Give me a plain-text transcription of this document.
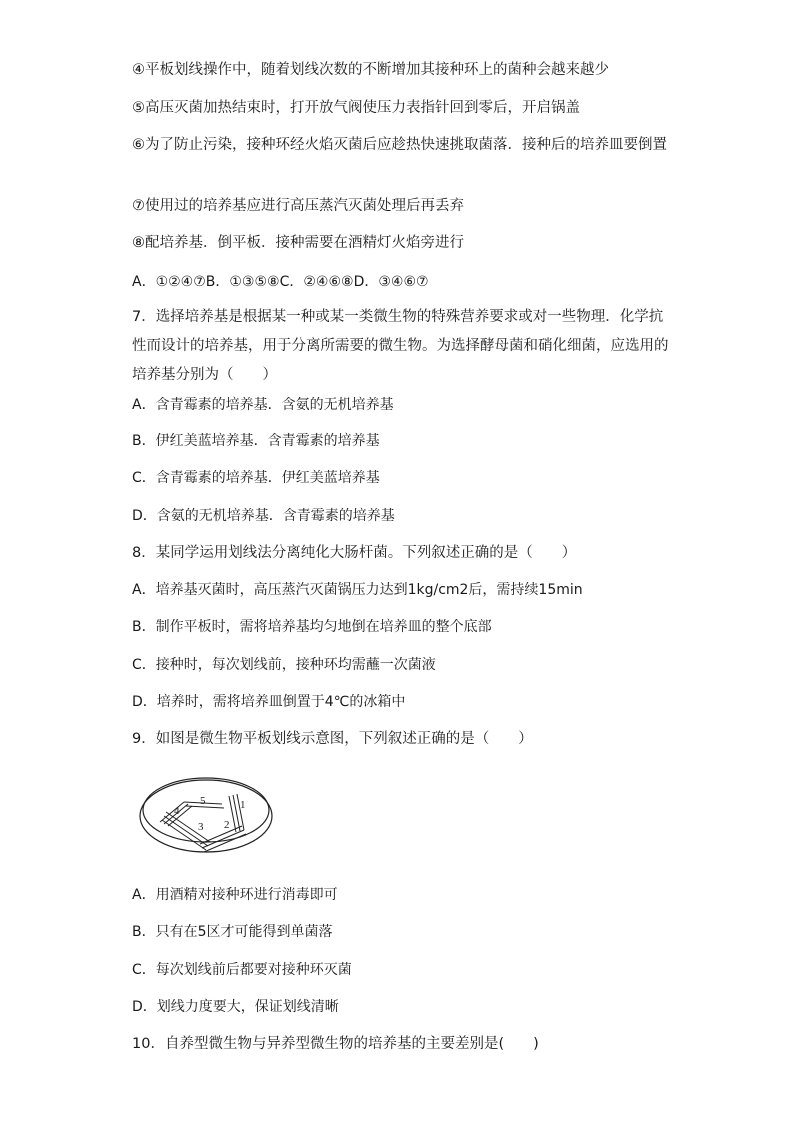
④平板划线操作中，随着划线次数的不断增加其接种环上的菌种会越来越少
⑤高压灭菌加热结束时，打开放气阀使压力表指针回到零后，开启锅盖
⑥为了防止污染，接种环经火焰灭菌后应趁热快速挑取菌落．接种后的培养皿要倒置
⑦使用过的培养基应进行高压蒸汽灭菌处理后再丢弃
⑧配培养基．倒平板．接种需要在酒精灯火焰旁进行
A．①②④⑦B．①③⑤⑧C．②④⑥⑧D．③④⑥⑦
7．选择培养基是根据某一种或某一类微生物的特殊营养要求或对一些物理．化学抗性而设计的培养基，用于分离所需要的微生物。为选择酵母菌和硝化细菌，应选用的培养基分别为（　　）
A．含青霉素的培养基．含氨的无机培养基
B．伊红美蓝培养基．含青霉素的培养基
C．含青霉素的培养基．伊红美蓝培养基
D．含氨的无机培养基．含青霉素的培养基
8．某同学运用划线法分离纯化大肠杆菌。下列叙述正确的是（　　）
A．培养基灭菌时，高压蒸汽灭菌锅压力达到1kg/cm2后，需持续15min
B．制作平板时，需将培养基均匀地倒在培养皿的整个底部
C．接种时，每次划线前，接种环均需蘸一次菌液
D．培养时，需将培养皿倒置于4℃的冰箱中
9．如图是微生物平板划线示意图，下列叙述正确的是（　　）
1
2
3
4
5
A．用酒精对接种环进行消毒即可
B．只有在5区才可能得到单菌落
C．每次划线前后都要对接种环灭菌
D．划线力度要大，保证划线清晰
10．自养型微生物与异养型微生物的培养基的主要差别是(　　)
